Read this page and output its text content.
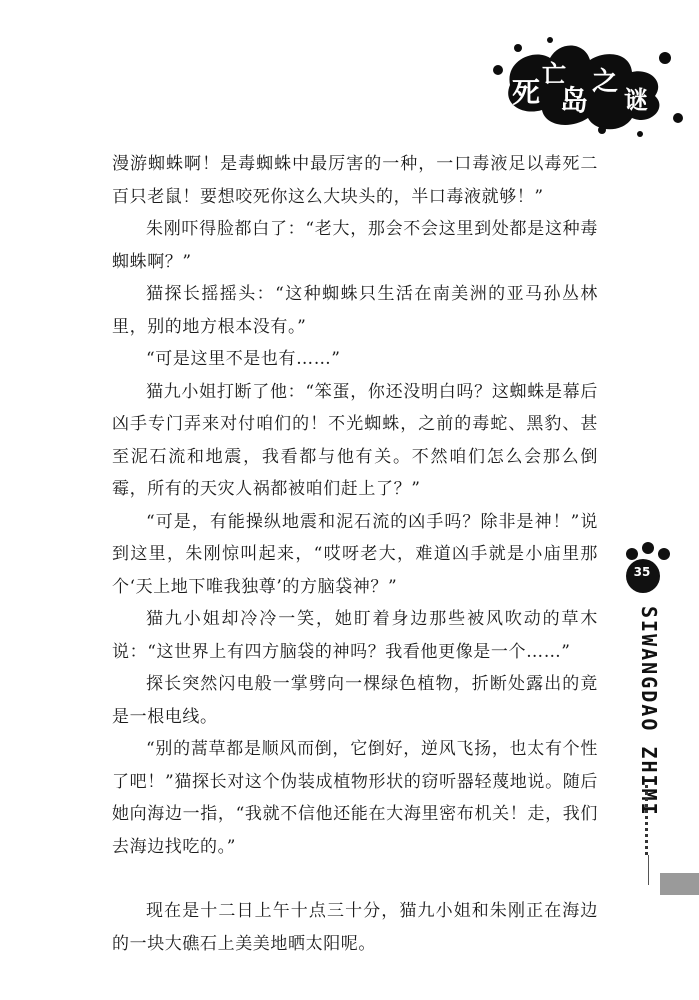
死
亡
岛
之
谜

漫游蜘蛛啊！是毒蜘蛛中最厉害的一种，一口毒液足以毒死二百只老鼠！要想咬死你这么大块头的，半口毒液就够！”

朱刚吓得脸都白了：“老大，那会不会这里到处都是这种毒蜘蛛啊？”

猫探长摇摇头：“这种蜘蛛只生活在南美洲的亚马孙丛林里，别的地方根本没有。”

“可是这里不是也有……”

猫九小姐打断了他：“笨蛋，你还没明白吗？这蜘蛛是幕后凶手专门弄来对付咱们的！不光蜘蛛，之前的毒蛇、黑豹、甚至泥石流和地震，我看都与他有关。不然咱们怎么会那么倒霉，所有的天灾人祸都被咱们赶上了？”

“可是，有能操纵地震和泥石流的凶手吗？除非是神！”说到这里，朱刚惊叫起来，“哎呀老大，难道凶手就是小庙里那个‘天上地下唯我独尊’的方脑袋神？”

猫九小姐却冷冷一笑，她盯着身边那些被风吹动的草木说：“这世界上有四方脑袋的神吗？我看他更像是一个……”

探长突然闪电般一掌劈向一棵绿色植物，折断处露出的竟是一根电线。

“别的蒿草都是顺风而倒，它倒好，逆风飞扬，也太有个性了吧！”猫探长对这个伪装成植物形状的窃听器轻蔑地说。随后她向海边一指，“我就不信他还能在大海里密布机关！走，我们去海边找吃的。”

现在是十二日上午十点三十分，猫九小姐和朱刚正在海边的一块大礁石上美美地晒太阳呢。

35
SIWANGDAO ZHIMI
